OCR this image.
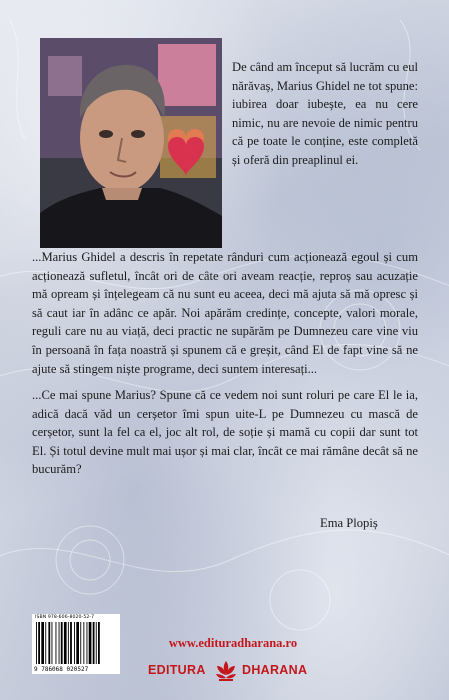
De când am început să lucrăm cu eul nărăvaș, Marius Ghidel ne tot spune: iubirea doar iubește, ea nu cere nimic, nu are nevoie de nimic pentru că pe toate le conține, este completă și oferă din preaplinul ei.

...Marius Ghidel a descris în repetate rânduri cum acționează egoul și cum acționează sufletul, încât ori de câte ori aveam reacție, reproș sau acuzație mă opream și înțelegeam că nu sunt eu aceea, deci mă ajuta să mă opresc și să caut iar în adânc ce apăr. Noi apărăm credințe, concepte, valori morale, reguli care nu au viață, deci practic ne supărăm pe Dumnezeu care vine viu în persoană în fața noastră și spunem că e greșit, când El de fapt vine să ne ajute să stingem niște programe, deci suntem interesați...

...Ce mai spune Marius? Spune că ce vedem noi sunt roluri pe care El le ia, adică dacă văd un cerșetor îmi spun uite-L pe Dumnezeu cu mască de cerșetor, sunt la fel ca el, joc alt rol, de soție și mamă cu copii dar sunt tot El. Și totul devine mult mai ușor și mai clar, încât ce mai rămâne decât să ne bucurăm?

Ema Plopiș

ISBN 978-606-8020-52-7
9 786068 020527
www.edituradharana.ro
EDITURA	DHARANA
